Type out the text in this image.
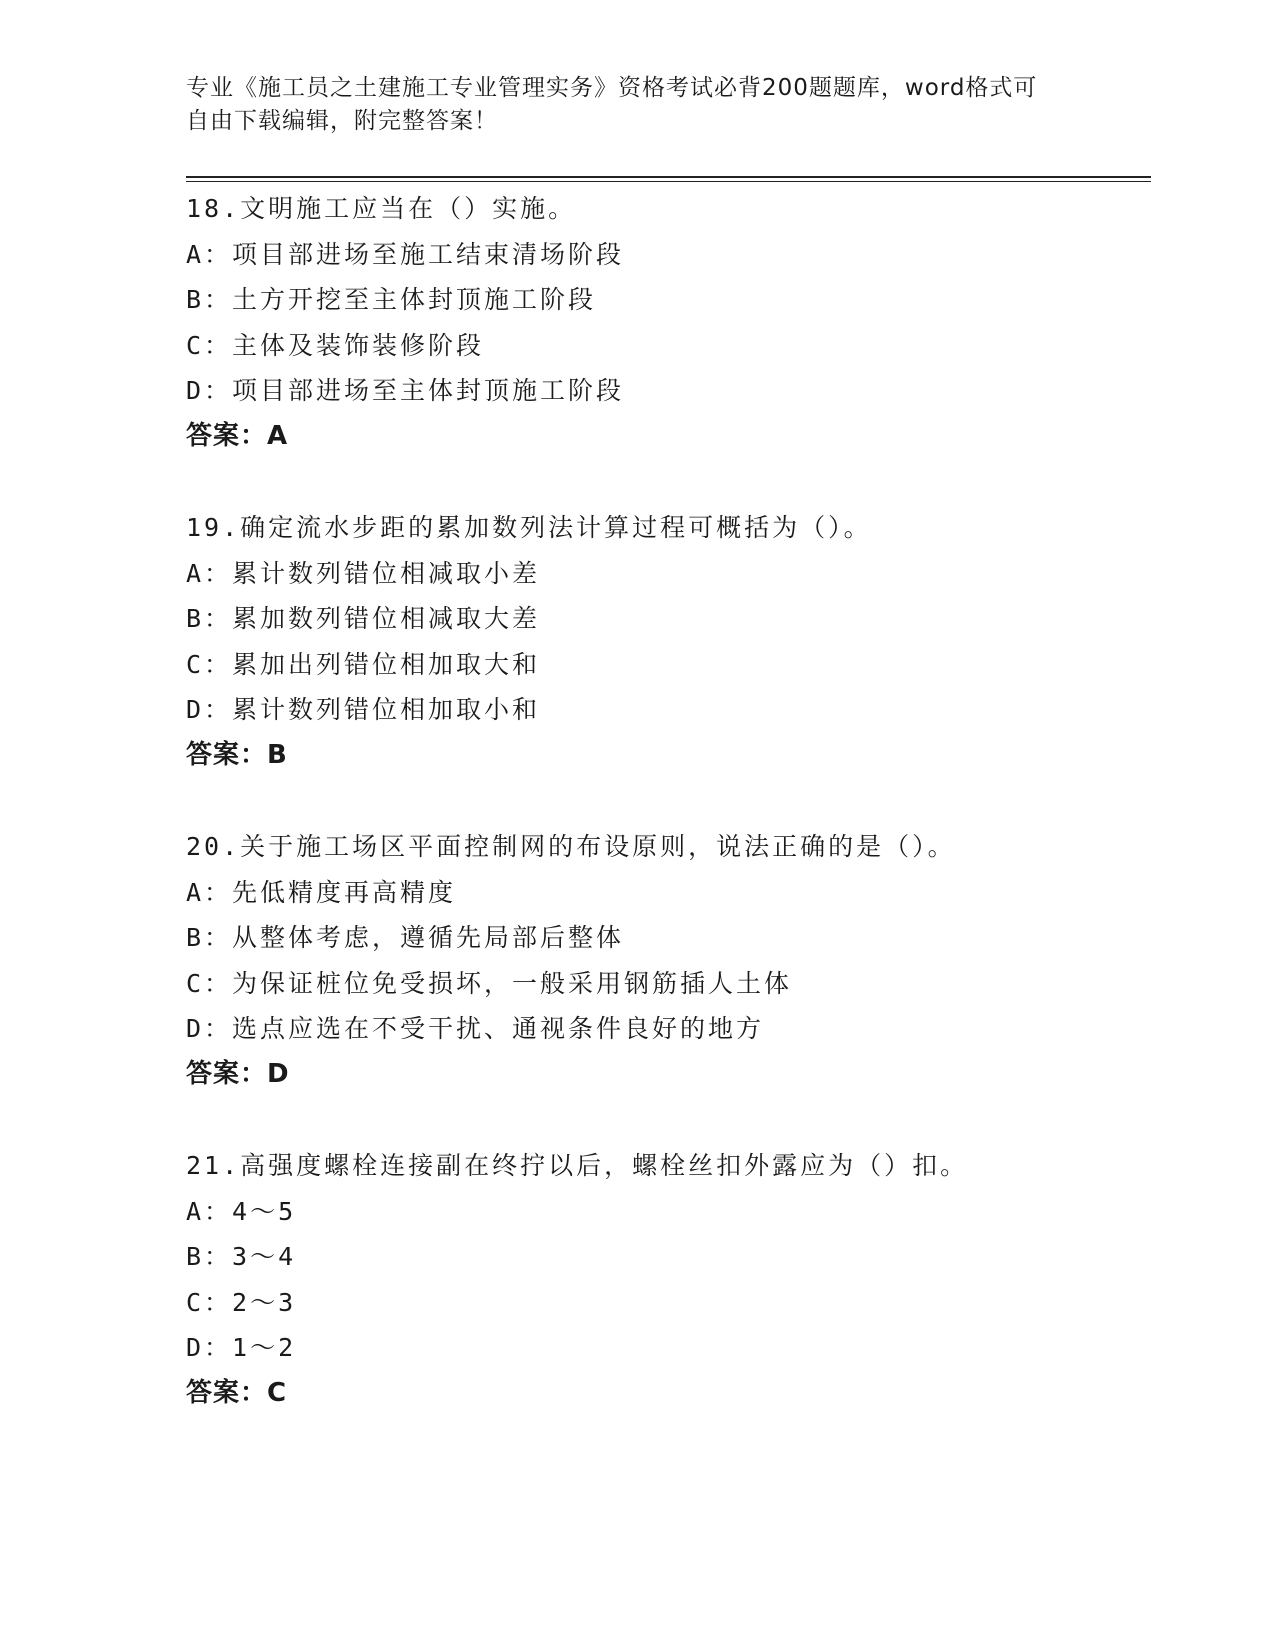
专业《施工员之土建施工专业管理实务》资格考试必背200题题库，word格式可
自由下载编辑，附完整答案！
18.文明施工应当在（）实施。
A：项目部进场至施工结束清场阶段
B：土方开挖至主体封顶施工阶段
C：主体及装饰装修阶段
D：项目部进场至主体封顶施工阶段
答案：A
19.确定流水步距的累加数列法计算过程可概括为（）。
A：累计数列错位相减取小差
B：累加数列错位相减取大差
C：累加出列错位相加取大和
D：累计数列错位相加取小和
答案：B
20.关于施工场区平面控制网的布设原则，说法正确的是（）。
A：先低精度再高精度
B：从整体考虑，遵循先局部后整体
C：为保证桩位免受损坏，一般采用钢筋插人土体
D：选点应选在不受干扰、通视条件良好的地方
答案：D
21.高强度螺栓连接副在终拧以后，螺栓丝扣外露应为（）扣。
A：4～5
B：3～4
C：2～3
D：1～2
答案：C
